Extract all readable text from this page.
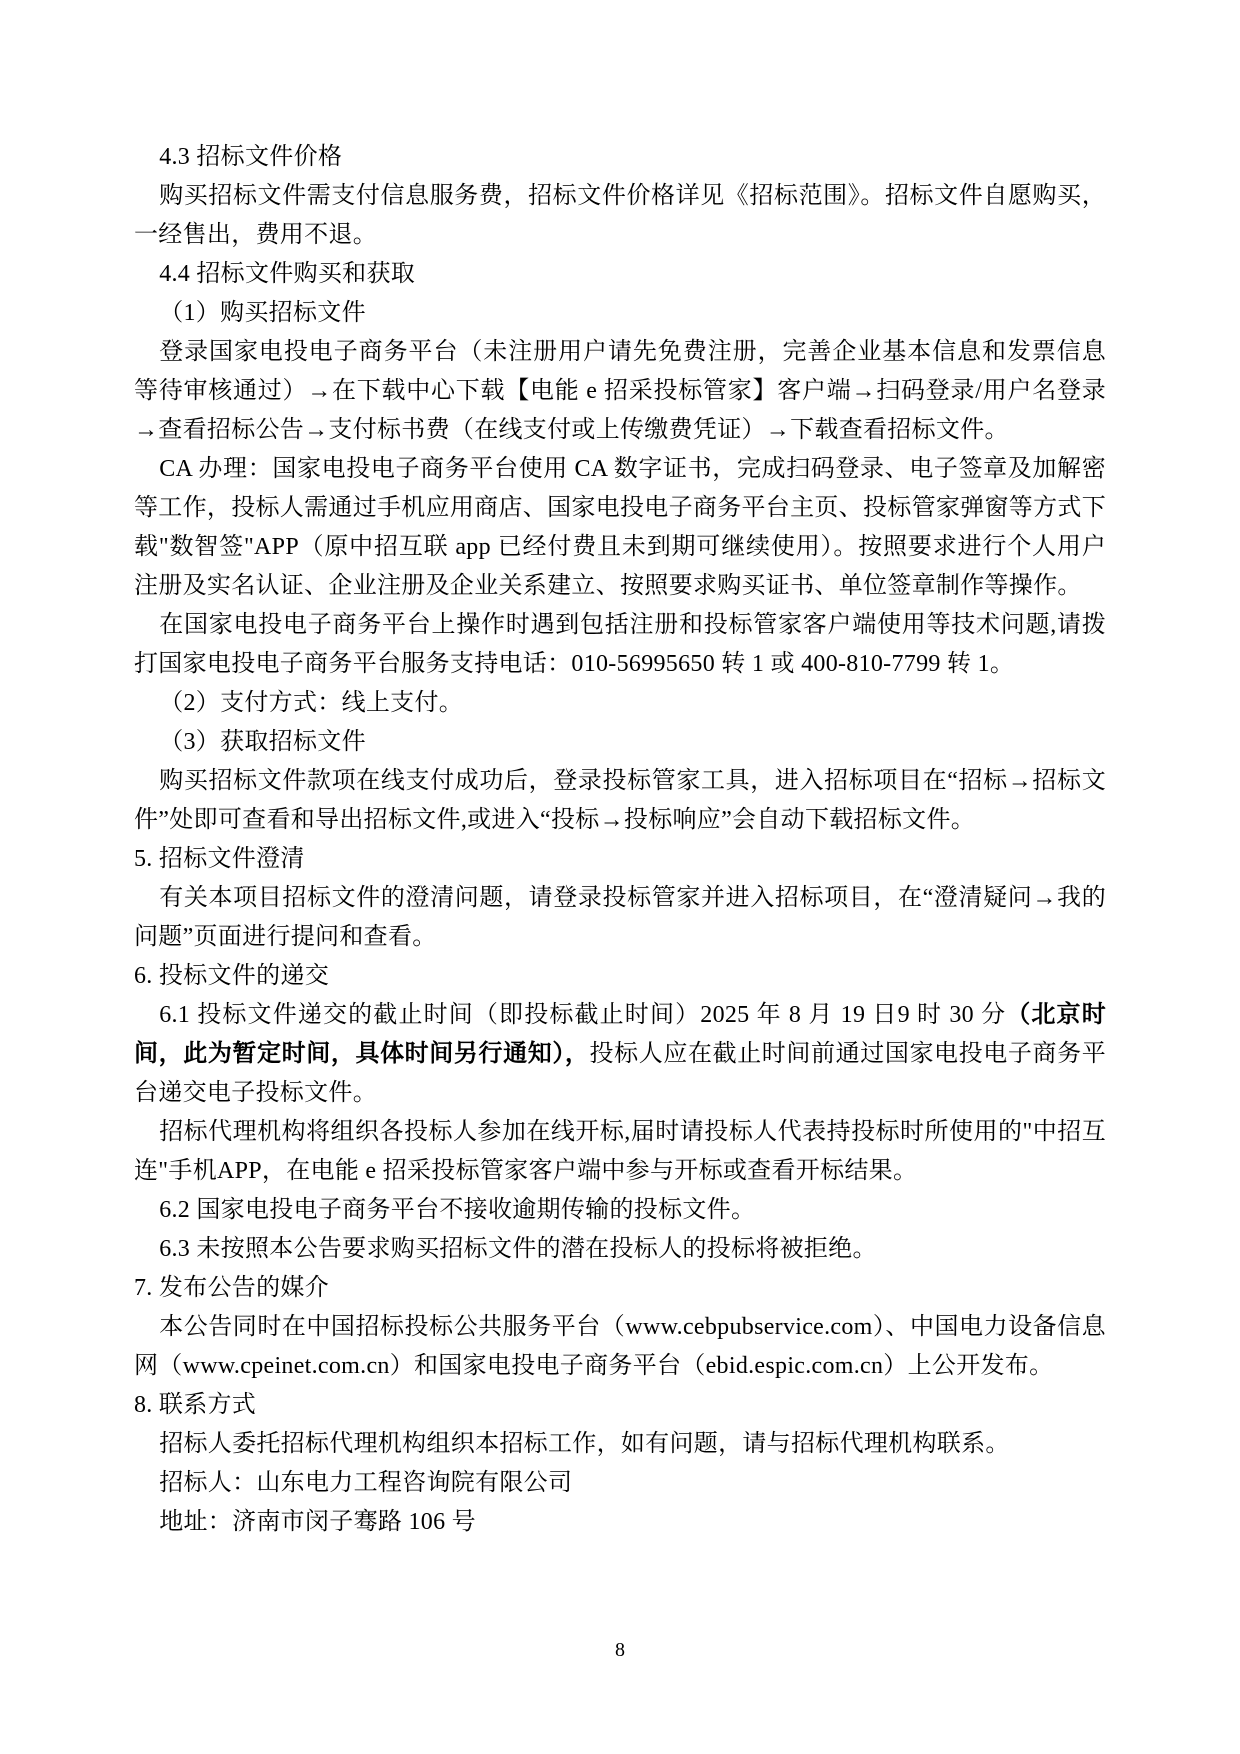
4.3 招标文件价格

购买招标文件需支付信息服务费，招标文件价格详见《招标范围》。招标文件自愿购买，一经售出，费用不退。

4.4 招标文件购买和获取

（1）购买招标文件

登录国家电投电子商务平台（未注册用户请先免费注册，完善企业基本信息和发票信息等待审核通过）→在下载中心下载【电能 e 招采投标管家】客户端→扫码登录/用户名登录→查看招标公告→支付标书费（在线支付或上传缴费凭证）→下载查看招标文件。

CA 办理：国家电投电子商务平台使用 CA 数字证书，完成扫码登录、电子签章及加解密等工作，投标人需通过手机应用商店、国家电投电子商务平台主页、投标管家弹窗等方式下载"数智签"APP（原中招互联 app 已经付费且未到期可继续使用）。按照要求进行个人用户注册及实名认证、企业注册及企业关系建立、按照要求购买证书、单位签章制作等操作。

在国家电投电子商务平台上操作时遇到包括注册和投标管家客户端使用等技术问题,请拨打国家电投电子商务平台服务支持电话：010-56995650 转 1 或 400-810-7799 转 1。

（2）支付方式：线上支付。

（3）获取招标文件

购买招标文件款项在线支付成功后，登录投标管家工具，进入招标项目在“招标→招标文件”处即可查看和导出招标文件,或进入“投标→投标响应”会自动下载招标文件。

5. 招标文件澄清

有关本项目招标文件的澄清问题，请登录投标管家并进入招标项目，在“澄清疑问→我的问题”页面进行提问和查看。

6. 投标文件的递交

6.1 投标文件递交的截止时间（即投标截止时间）2025 年 8 月 19 日9 时 30 分（北京时间，此为暂定时间，具体时间另行通知），投标人应在截止时间前通过国家电投电子商务平台递交电子投标文件。

招标代理机构将组织各投标人参加在线开标,届时请投标人代表持投标时所使用的"中招互连"手机APP，在电能 e 招采投标管家客户端中参与开标或查看开标结果。

6.2 国家电投电子商务平台不接收逾期传输的投标文件。

6.3 未按照本公告要求购买招标文件的潜在投标人的投标将被拒绝。

7. 发布公告的媒介

本公告同时在中国招标投标公共服务平台（www.cebpubservice.com）、中国电力设备信息网（www.cpeinet.com.cn）和国家电投电子商务平台（ebid.espic.com.cn）上公开发布。

8. 联系方式

招标人委托招标代理机构组织本招标工作，如有问题，请与招标代理机构联系。

招标人：山东电力工程咨询院有限公司

地址：济南市闵子骞路 106 号

8
